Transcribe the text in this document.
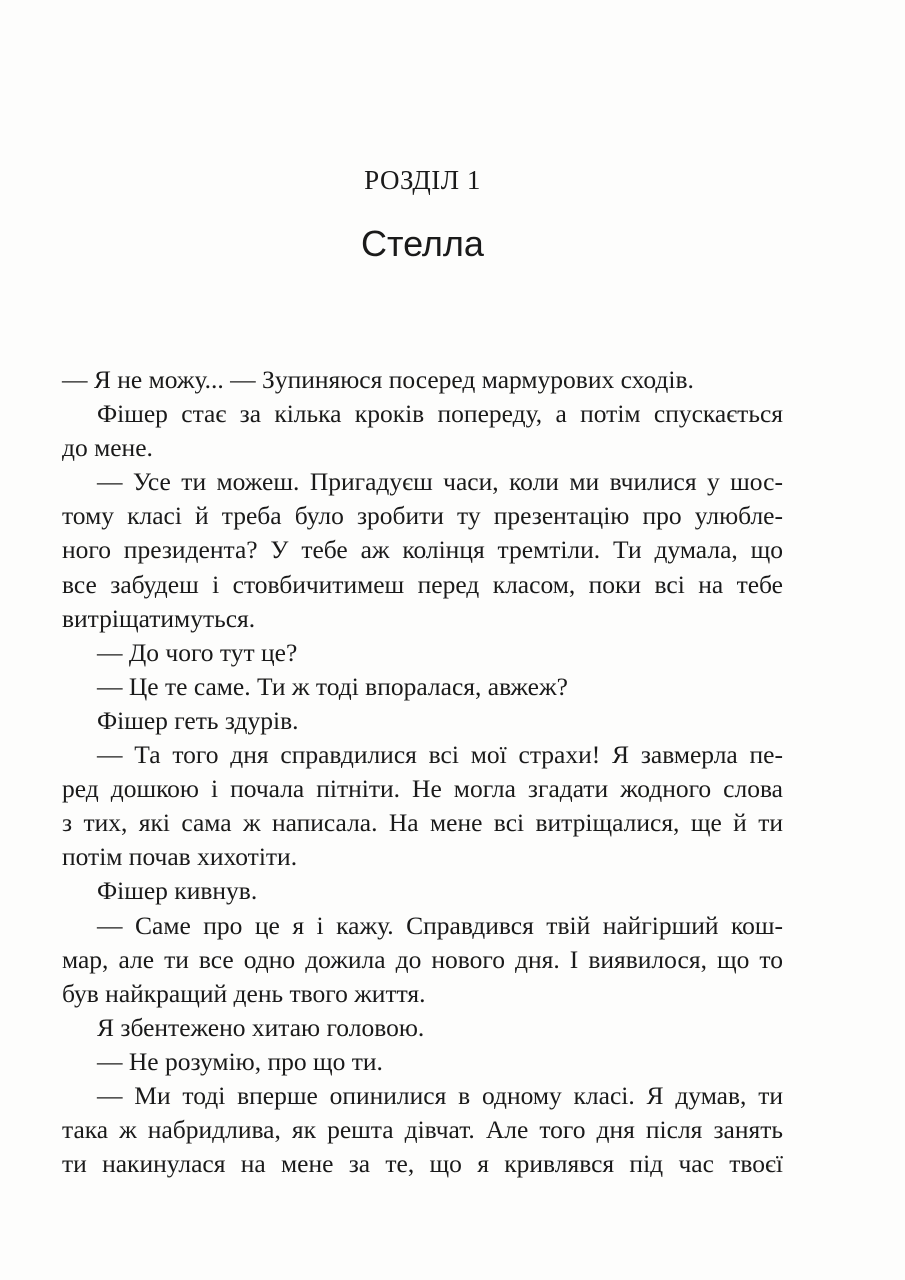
РОЗДІЛ 1
Стелла
— Я не можу... — Зупиняюся посеред мармурових сходів.
Фішер стає за кілька кроків попереду, а потім спускається
до мене.
— Усе ти можеш. Пригадуєш часи, коли ми вчилися у шос-
тому класі й треба було зробити ту презентацію про улюбле-
ного президента? У тебе аж колінця тремтіли. Ти думала, що
все забудеш і стовбичитимеш перед класом, поки всі на тебе
витріщатимуться.
— До чого тут це?
— Це те саме. Ти ж тоді впоралася, авжеж?
Фішер геть здурів.
— Та того дня справдилися всі мої страхи! Я завмерла пе-
ред дошкою і почала пітніти. Не могла згадати жодного слова
з тих, які сама ж написала. На мене всі витріщалися, ще й ти
потім почав хихотіти.
Фішер кивнув.
— Саме про це я і кажу. Справдився твій найгірший кош-
мар, але ти все одно дожила до нового дня. І виявилося, що то
був найкращий день твого життя.
Я збентежено хитаю головою.
— Не розумію, про що ти.
— Ми тоді вперше опинилися в одному класі. Я думав, ти
така ж набридлива, як решта дівчат. Але того дня після занять
ти накинулася на мене за те, що я кривлявся під час твоєї
